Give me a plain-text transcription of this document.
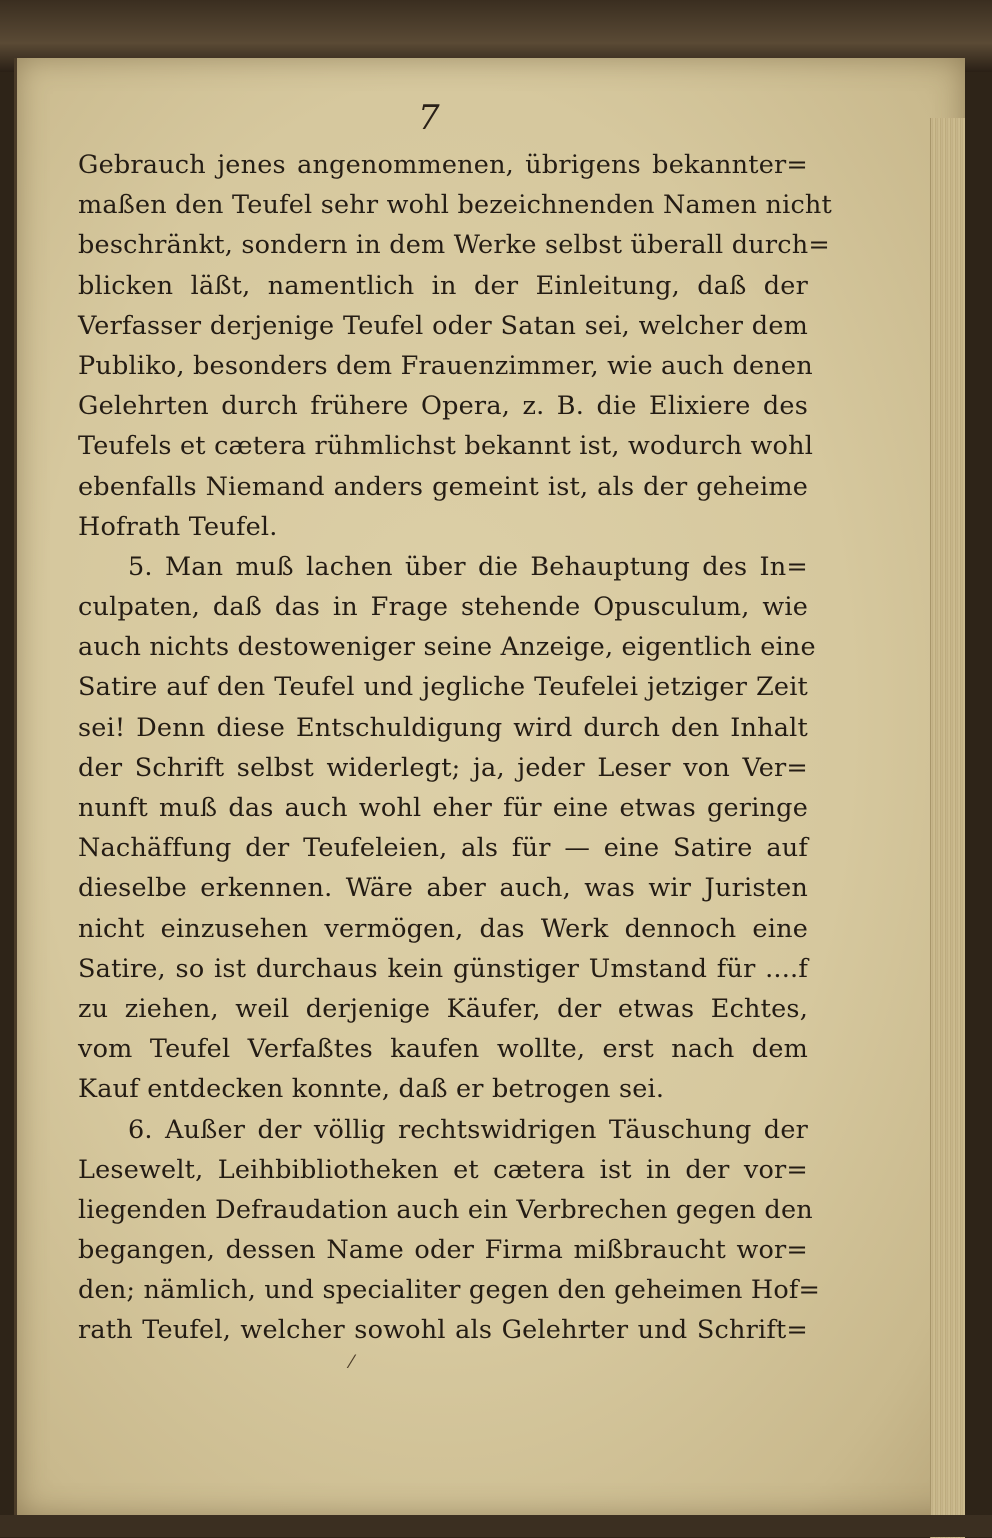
7
Gebrauch jenes angenommenen, übrigens bekannter=
maßen den Teufel sehr wohl bezeichnenden Namen nicht
beschränkt, sondern in dem Werke selbst überall durch=
blicken läßt, namentlich in der Einleitung, daß der
Verfasser derjenige Teufel oder Satan sei, welcher dem
Publiko, besonders dem Frauenzimmer, wie auch denen
Gelehrten durch frühere Opera, z. B. die Elixiere des
Teufels et cætera rühmlichst bekannt ist, wodurch wohl
ebenfalls Niemand anders gemeint ist, als der geheime
Hofrath Teufel.
5. Man muß lachen über die Behauptung des In=
culpaten, daß das in Frage stehende Opusculum, wie
auch nichts destoweniger seine Anzeige, eigentlich eine
Satire auf den Teufel und jegliche Teufelei jetziger Zeit
sei! Denn diese Entschuldigung wird durch den Inhalt
der Schrift selbst widerlegt; ja, jeder Leser von Ver=
nunft muß das auch wohl eher für eine etwas geringe
Nachäffung der Teufeleien, als für — eine Satire auf
dieselbe erkennen. Wäre aber auch, was wir Juristen
nicht einzusehen vermögen, das Werk dennoch eine
Satire, so ist durchaus kein günstiger Umstand für ....f
zu ziehen, weil derjenige Käufer, der etwas Echtes,
vom Teufel Verfaßtes kaufen wollte, erst nach dem
Kauf entdecken konnte, daß er betrogen sei.
6. Außer der völlig rechtswidrigen Täuschung der
Lesewelt, Leihbibliotheken et cætera ist in der vor=
liegenden Defraudation auch ein Verbrechen gegen den
begangen, dessen Name oder Firma mißbraucht wor=
den; nämlich, und specialiter gegen den geheimen Hof=
rath Teufel, welcher sowohl als Gelehrter und Schrift=
⁄
